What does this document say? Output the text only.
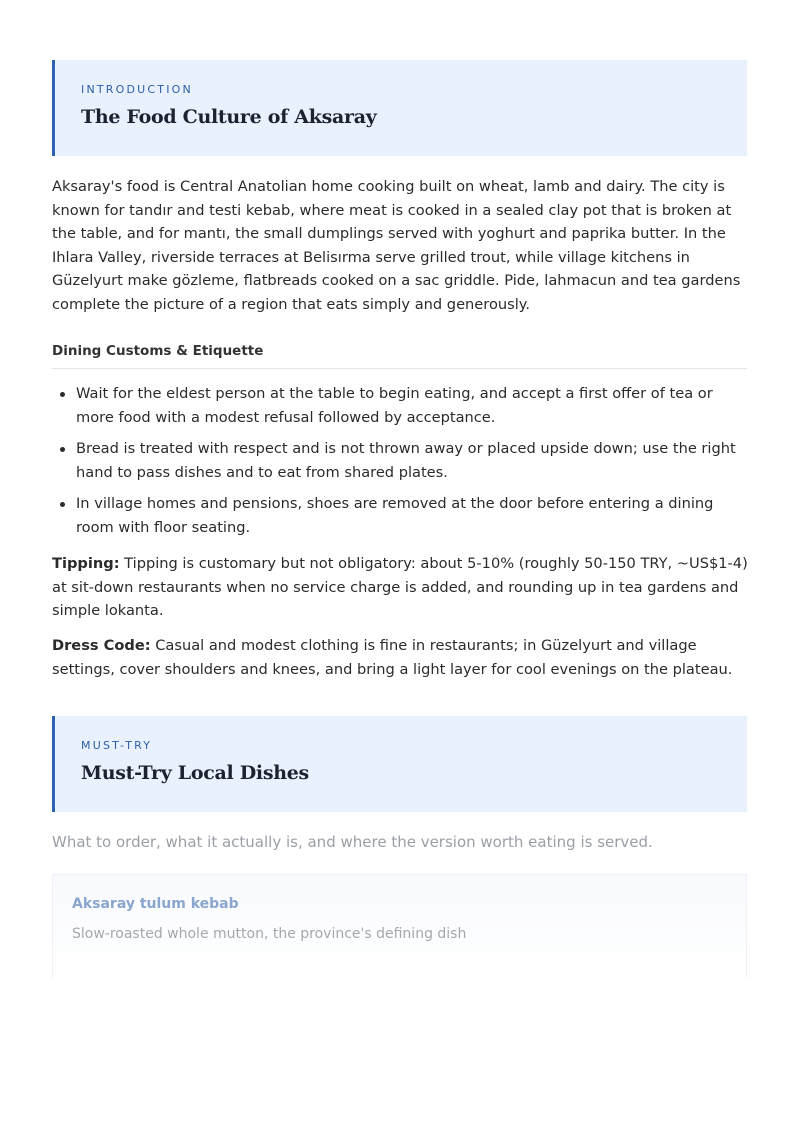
INTRODUCTION
The Food Culture of Aksaray

Aksaray's food is Central Anatolian home cooking built on wheat, lamb and dairy. The city is known for tandır and testi kebab, where meat is cooked in a sealed clay pot that is broken at the table, and for mantı, the small dumplings served with yoghurt and paprika butter. In the Ihlara Valley, riverside terraces at Belisırma serve grilled trout, while village kitchens in Güzelyurt make gözleme, flatbreads cooked on a sac griddle. Pide, lahmacun and tea gardens complete the picture of a region that eats simply and generously.

Dining Customs & Etiquette
Wait for the eldest person at the table to begin eating, and accept a first offer of tea or more food with a modest refusal followed by acceptance.
Bread is treated with respect and is not thrown away or placed upside down; use the right hand to pass dishes and to eat from shared plates.
In village homes and pensions, shoes are removed at the door before entering a dining room with floor seating.

Tipping: Tipping is customary but not obligatory: about 5-10% (roughly 50-150 TRY, ~US$1-4) at sit-down restaurants when no service charge is added, and rounding up in tea gardens and simple lokanta.

Dress Code: Casual and modest clothing is fine in restaurants; in Güzelyurt and village settings, cover shoulders and knees, and bring a light layer for cool evenings on the plateau.

MUST-TRY
Must-Try Local Dishes

What to order, what it actually is, and where the version worth eating is served.

Aksaray tulum kebab
Slow-roasted whole mutton, the province's defining dish
